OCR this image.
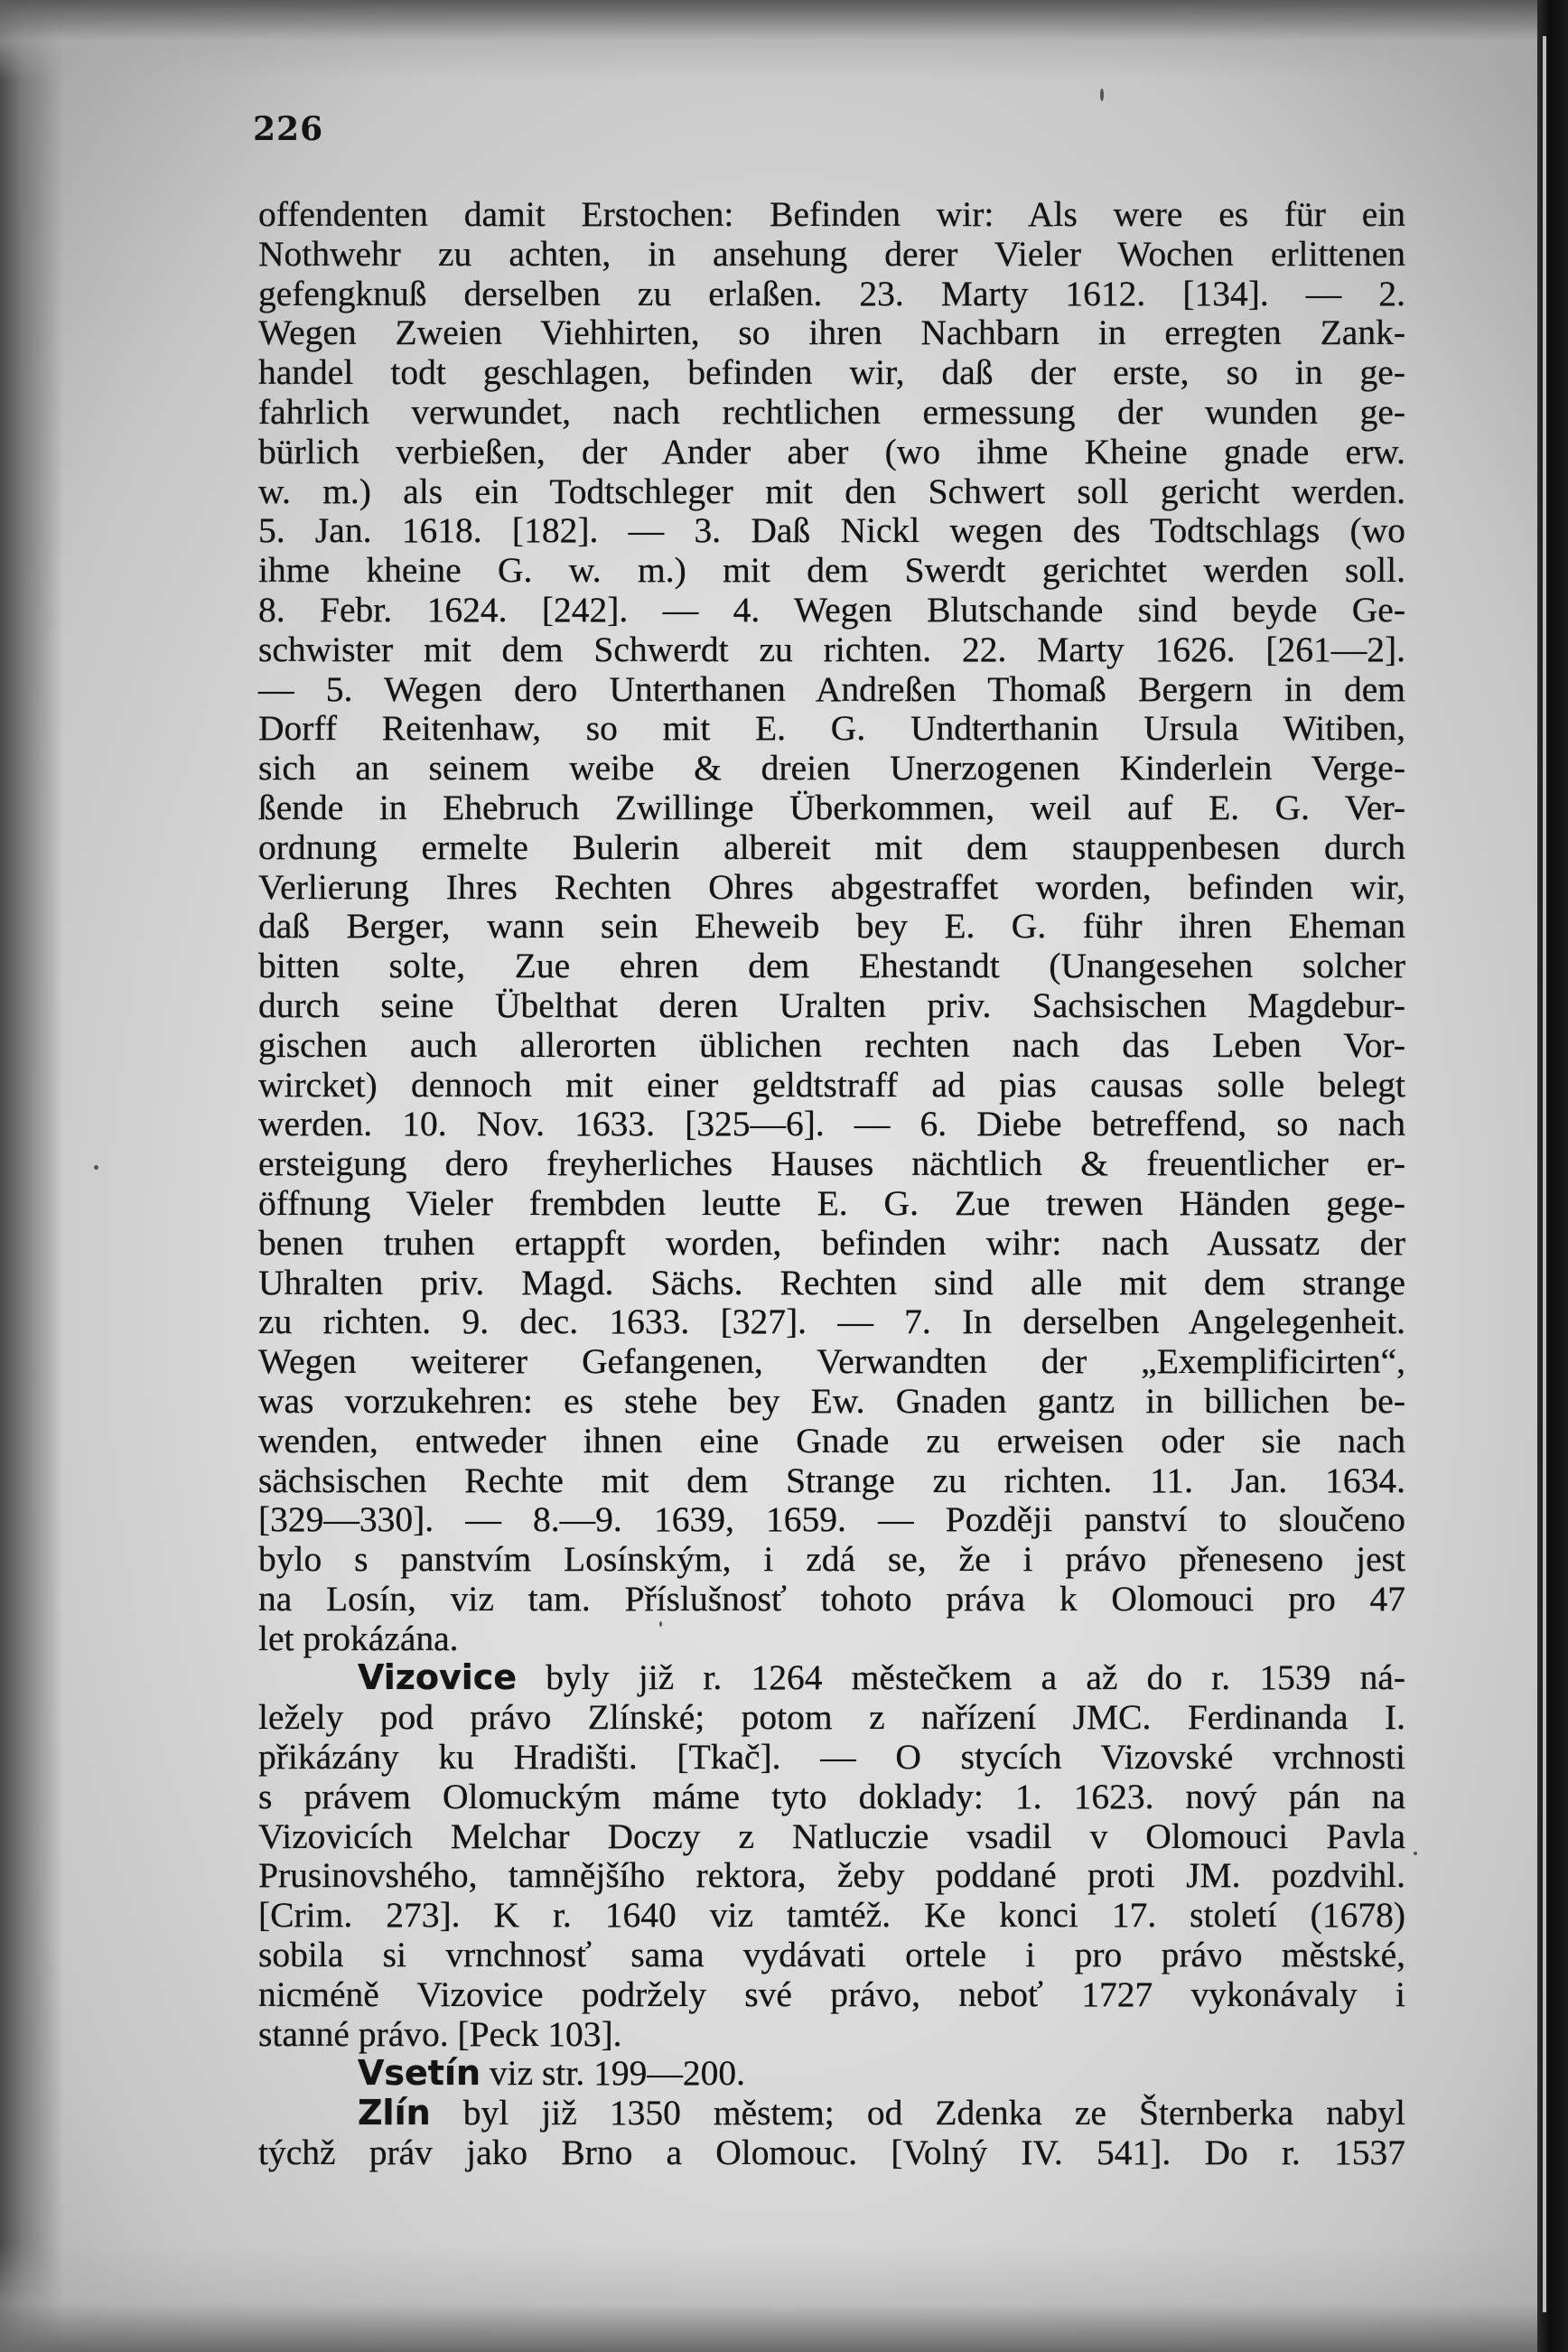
226
offendenten damit Erstochen: Befinden wir: Als were es für ein
Nothwehr zu achten, in ansehung derer Vieler Wochen erlittenen
gefengknuß derselben zu erlaßen. 23. Marty 1612. [134]. — 2.
Wegen Zweien Viehhirten, so ihren Nachbarn in erregten Zank-
handel todt geschlagen, befinden wir, daß der erste, so in ge-
fahrlich verwundet, nach rechtlichen ermessung der wunden ge-
bürlich verbießen, der Ander aber (wo ihme Kheine gnade erw.
w. m.) als ein Todtschleger mit den Schwert soll gericht werden.
5. Jan. 1618. [182]. — 3. Daß Nickl wegen des Todtschlags (wo
ihme kheine G. w. m.) mit dem Swerdt gerichtet werden soll.
8. Febr. 1624. [242]. — 4. Wegen Blutschande sind beyde Ge-
schwister mit dem Schwerdt zu richten. 22. Marty 1626. [261—2].
— 5. Wegen dero Unterthanen Andreßen Thomaß Bergern in dem
Dorff Reitenhaw, so mit E. G. Undterthanin Ursula Witiben,
sich an seinem weibe & dreien Unerzogenen Kinderlein Verge-
ßende in Ehebruch Zwillinge Überkommen, weil auf E. G. Ver-
ordnung ermelte Bulerin albereit mit dem stauppenbesen durch
Verlierung Ihres Rechten Ohres abgestraffet worden, befinden wir,
daß Berger, wann sein Eheweib bey E. G. führ ihren Eheman
bitten solte, Zue ehren dem Ehestandt (Unangesehen solcher
durch seine Übelthat deren Uralten priv. Sachsischen Magdebur-
gischen auch allerorten üblichen rechten nach das Leben Vor-
wircket) dennoch mit einer geldtstraff ad pias causas solle belegt
werden. 10. Nov. 1633. [325—6]. — 6. Diebe betreffend, so nach
ersteigung dero freyherliches Hauses nächtlich & freuentlicher er-
öffnung Vieler frembden leutte E. G. Zue trewen Händen gege-
benen truhen ertappft worden, befinden wihr: nach Aussatz der
Uhralten priv. Magd. Sächs. Rechten sind alle mit dem strange
zu richten. 9. dec. 1633. [327]. — 7. In derselben Angelegenheit.
Wegen weiterer Gefangenen, Verwandten der „Exemplificirten“,
was vorzukehren: es stehe bey Ew. Gnaden gantz in billichen be-
wenden, entweder ihnen eine Gnade zu erweisen oder sie nach
sächsischen Rechte mit dem Strange zu richten. 11. Jan. 1634.
[329—330]. — 8.—9. 1639, 1659. — Později panství to sloučeno
bylo s panstvím Losínským, i zdá se, že i právo přeneseno jest
na Losín, viz tam. Příslušnosť tohoto práva k Olomouci pro 47
let prokázána.
Vizovice byly již r. 1264 městečkem a až do r. 1539 ná-
ležely pod právo Zlínské; potom z nařízení JMC. Ferdinanda I.
přikázány ku Hradišti. [Tkač]. — O stycích Vizovské vrchnosti
s právem Olomuckým máme tyto doklady: 1. 1623. nový pán na
Vizovicích Melchar Doczy z Natluczie vsadil v Olomouci Pavla
Prusinovshého, tamnějšího rektora, žeby poddané proti JM. pozdvihl.
[Crim. 273]. K r. 1640 viz tamtéž. Ke konci 17. století (1678)
sobila si vrnchnosť sama vydávati ortele i pro právo městské,
nicméně Vizovice podržely své právo, neboť 1727 vykonávaly i
stanné právo. [Peck 103].
Vsetín viz str. 199—200.
Zlín byl již 1350 městem; od Zdenka ze Šternberka nabyl
týchž práv jako Brno a Olomouc. [Volný IV. 541]. Do r. 1537
